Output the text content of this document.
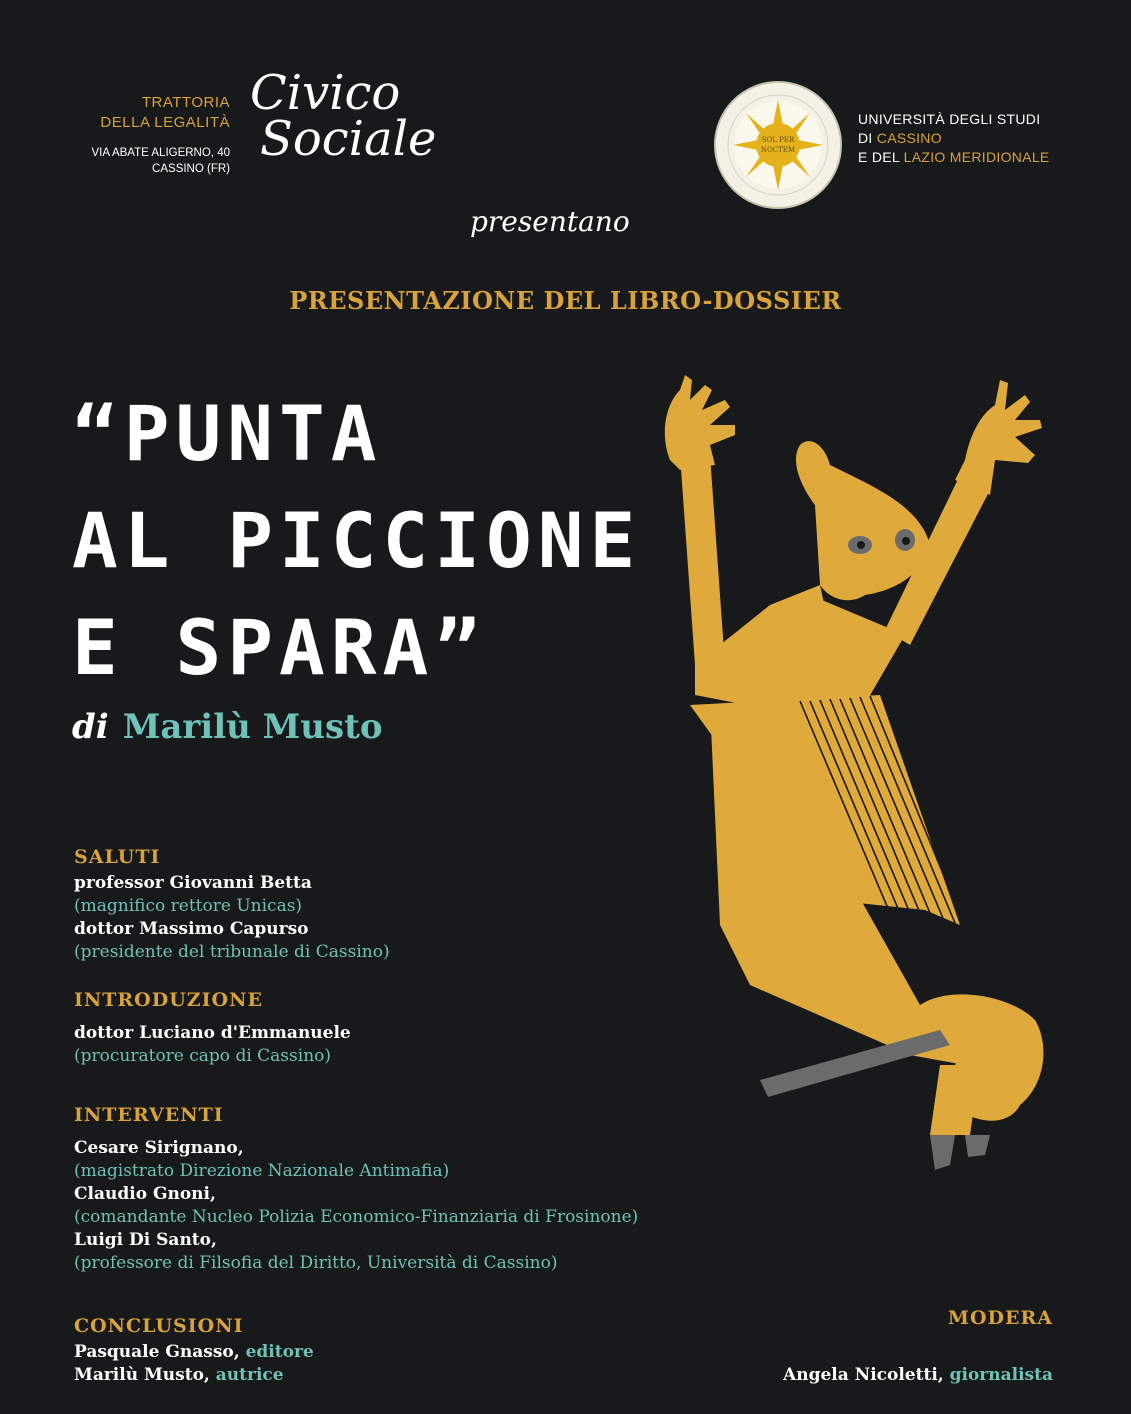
TRATTORIA
DELLA LEGALITÀ
VIA ABATE ALIGERNO, 40
CASSINO (FR)
Civico
Sociale	SOL PER
NOCTEM
UNIVERSITÀ DEGLI STUDI
DI CASSINO
E DEL LAZIO MERIDIONALE
presentano
PRESENTAZIONE DEL LIBRO-DOSSIER
“PUNTA
AL PICCIONE
E SPARA”
di Marilù Musto
SALUTI
professor Giovanni Betta
(magnifico rettore Unicas)
dottor Massimo Capurso
(presidente del tribunale di Cassino)
INTRODUZIONE
dottor Luciano d'Emmanuele
(procuratore capo di Cassino)
INTERVENTI
Cesare Sirignano,
(magistrato Direzione Nazionale Antimafia)
Claudio Gnoni,
(comandante Nucleo Polizia Economico-Finanziaria di Frosinone)
Luigi Di Santo,
(professore di Filsofia del Diritto, Università di Cassino)
CONCLUSIONI
Pasquale Gnasso, editore
Marilù Musto, autrice
MODERA
Angela Nicoletti, giornalista
